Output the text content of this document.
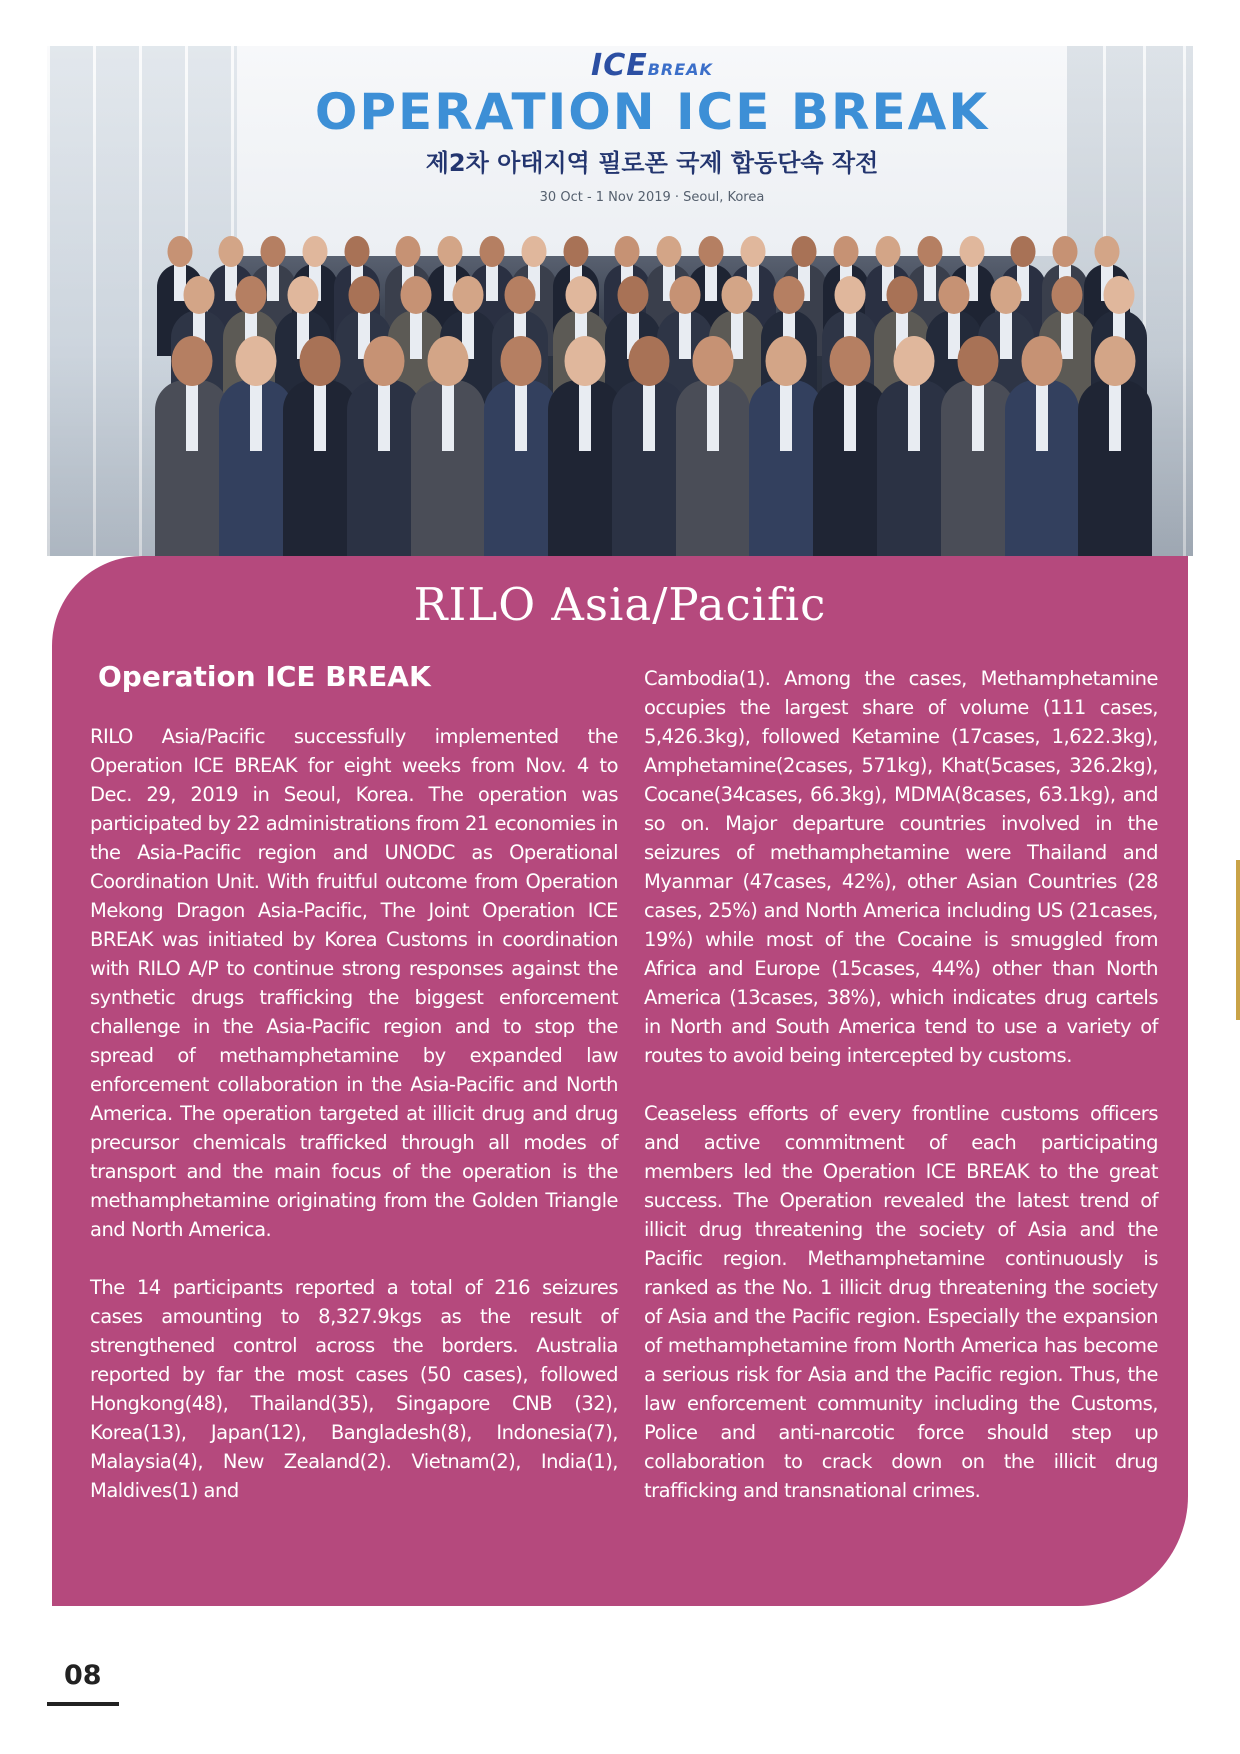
ICEBREAK
OPERATION ICE BREAK
제2차 아태지역 필로폰 국제 합동단속 작전
30 Oct - 1 Nov 2019 · Seoul, Korea
RILO Asia/Pacific
Operation ICE BREAK

RILO Asia/Pacific successfully implemented the Operation ICE BREAK for eight weeks from Nov. 4 to Dec. 29, 2019 in Seoul, Korea. The operation was participated by 22 administrations from 21 economies in the Asia-Pacific region and UNODC as Operational Coordination Unit. With fruitful outcome from Operation Mekong Dragon Asia-Pacific, The Joint Operation ICE BREAK was initiated by Korea Customs in coordination with RILO A/P to continue strong responses against the synthetic drugs trafficking the biggest enforcement challenge in the Asia-Pacific region and to stop the spread of methamphetamine by expanded law enforcement collaboration in the Asia-Pacific and North America. The operation targeted at illicit drug and drug precursor chemicals trafficked through all modes of transport and the main focus of the operation is the methamphetamine originating from the Golden Triangle and North America.

The 14 participants reported a total of 216 seizures cases amounting to 8,327.9kgs as the result of strengthened control across the borders. Australia reported by far the most cases (50 cases), followed Hongkong(48), Thailand(35), Singapore CNB (32), Korea(13), Japan(12), Bangladesh(8), Indonesia(7), Malaysia(4), New Zealand(2). Vietnam(2), India(1), Maldives(1) and

Cambodia(1). Among the cases, Methamphetamine occupies the largest share of volume (111 cases, 5,426.3kg), followed Ketamine (17cases, 1,622.3kg), Amphetamine(2cases, 571kg), Khat(5cases, 326.2kg), Cocane(34cases, 66.3kg), MDMA(8cases, 63.1kg), and so on. Major departure countries involved in the seizures of methamphetamine were Thailand and Myanmar (47cases, 42%), other Asian Countries (28 cases, 25%) and North America including US (21cases, 19%) while most of the Cocaine is smuggled from Africa and Europe (15cases, 44%) other than North America (13cases, 38%), which indicates drug cartels in North and South America tend to use a variety of routes to avoid being intercepted by customs.

Ceaseless efforts of every frontline customs officers and active commitment of each participating members led the Operation ICE BREAK to the great success. The Operation revealed the latest trend of illicit drug threatening the society of Asia and the Pacific region. Methamphetamine continuously is ranked as the No. 1 illicit drug threatening the society of Asia and the Pacific region. Especially the expansion of methamphetamine from North America has become a serious risk for Asia and the Pacific region. Thus, the law enforcement community including the Customs, Police and anti-narcotic force should step up collaboration to crack down on the illicit drug trafficking and transnational crimes.

08
